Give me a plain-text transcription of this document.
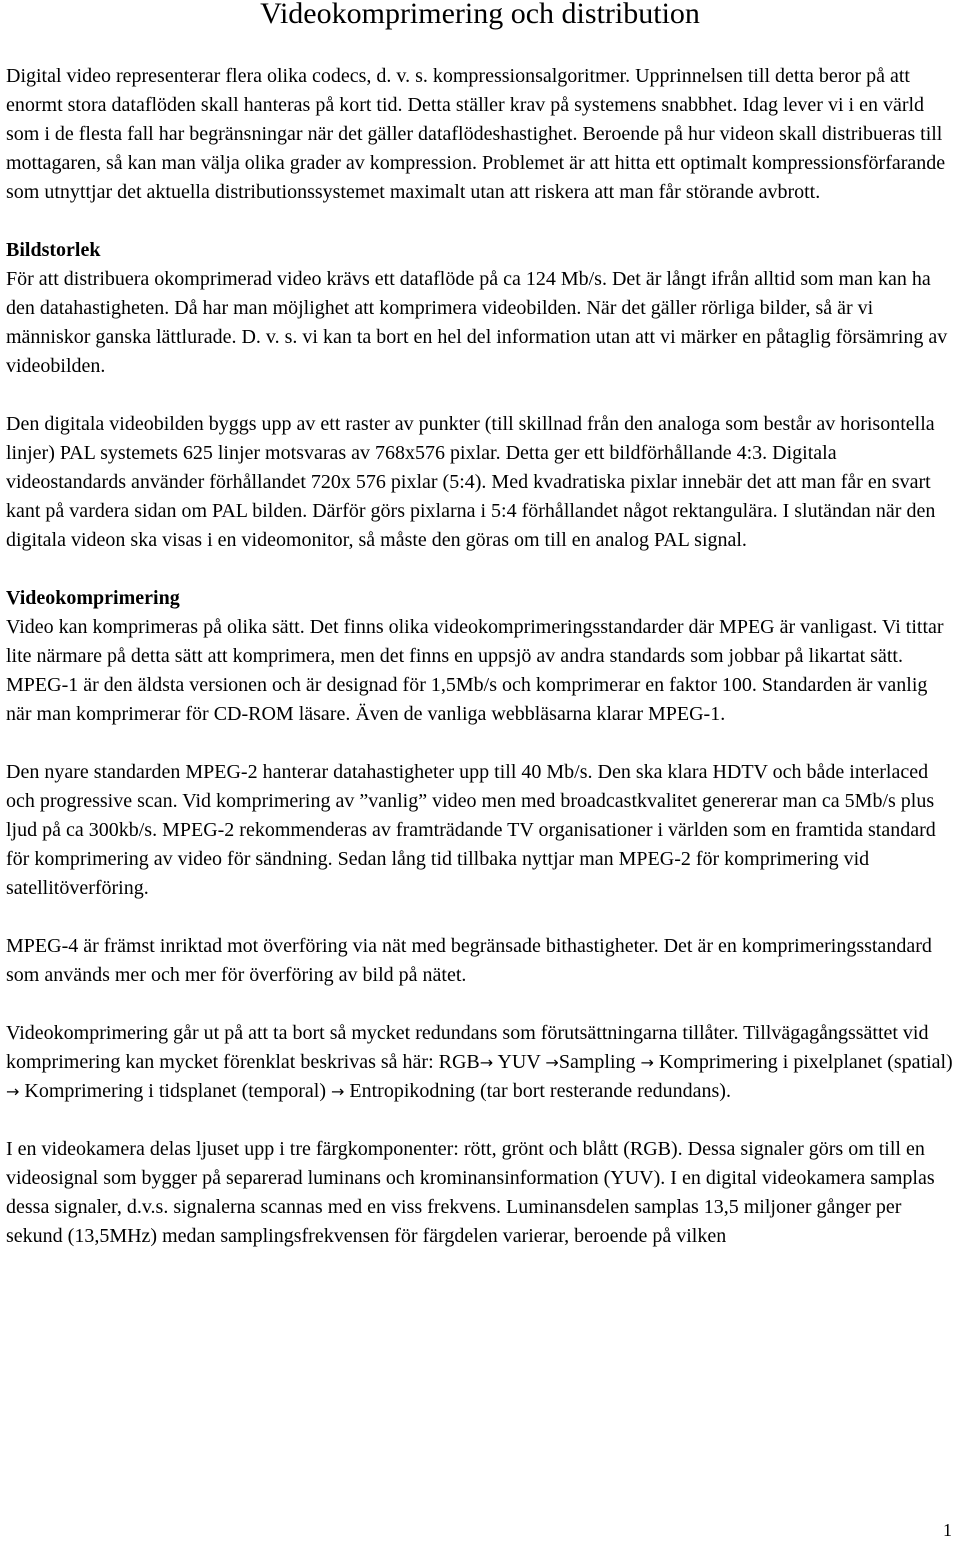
Videokomprimering och distribution

Digital video representerar flera olika codecs, d. v. s. kompressionsalgoritmer. Upprinnelsen till detta beror på att enormt stora dataflöden skall hanteras på kort tid. Detta ställer krav på systemens snabbhet. Idag lever vi i en värld som i de flesta fall har begränsningar när det gäller dataflödeshastighet. Beroende på hur videon skall distribueras till mottagaren, så kan man välja olika grader av kompression. Problemet är att hitta ett optimalt kompressionsförfarande som utnyttjar det aktuella distributionssystemet maximalt utan att riskera att man får störande avbrott.

Bildstorlek
För att distribuera okomprimerad video krävs ett dataflöde på ca 124 Mb/s. Det är långt ifrån alltid som man kan ha den datahastigheten. Då har man möjlighet att komprimera videobilden. När det gäller rörliga bilder, så är vi människor ganska lättlurade. D. v. s. vi kan ta bort en hel del information utan att vi märker en påtaglig försämring av videobilden.

Den digitala videobilden byggs upp av ett raster av punkter (till skillnad från den analoga som består av horisontella linjer) PAL systemets 625 linjer motsvaras av 768x576 pixlar. Detta ger ett bildförhållande 4:3. Digitala videostandards använder förhållandet 720x 576 pixlar (5:4). Med kvadratiska pixlar innebär det att man får en svart kant på vardera sidan om PAL bilden. Därför görs pixlarna i 5:4 förhållandet något rektangulära. I slutändan när den digitala videon ska visas i en videomonitor, så måste den göras om till en analog PAL signal.

Videokomprimering
Video kan komprimeras på olika sätt. Det finns olika videokomprimeringsstandarder där MPEG är vanligast. Vi tittar lite närmare på detta sätt att komprimera, men det finns en uppsjö av andra standards som jobbar på likartat sätt. MPEG-1 är den äldsta versionen och är designad för 1,5Mb/s och komprimerar en faktor 100. Standarden är vanlig när man komprimerar för CD-ROM läsare. Även de vanliga webbläsarna klarar MPEG-1.

Den nyare standarden MPEG-2 hanterar datahastigheter upp till 40 Mb/s. Den ska klara HDTV och både interlaced och progressive scan. Vid komprimering av ”vanlig” video men med broadcastkvalitet genererar man ca 5Mb/s plus ljud på ca 300kb/s. MPEG-2 rekommenderas av framträdande TV organisationer i världen som en framtida standard för komprimering av video för sändning. Sedan lång tid tillbaka nyttjar man MPEG-2 för komprimering vid satellitöverföring.

MPEG-4 är främst inriktad mot överföring via nät med begränsade bithastigheter. Det är en komprimeringsstandard som används mer och mer för överföring av bild på nätet.

Videokomprimering går ut på att ta bort så mycket redundans som förutsättningarna tillåter. Tillvägagångssättet vid komprimering kan mycket förenklat beskrivas så här: RGB→ YUV →Sampling → Komprimering i pixelplanet (spatial) → Komprimering i tidsplanet (temporal) → Entropikodning (tar bort resterande redundans).

I en videokamera delas ljuset upp i tre färgkomponenter: rött, grönt och blått (RGB). Dessa signaler görs om till en videosignal som bygger på separerad luminans och krominansinformation (YUV). I en digital videokamera samplas dessa signaler, d.v.s. signalerna scannas med en viss frekvens. Luminansdelen samplas 13,5 miljoner gånger per sekund (13,5MHz) medan samplingsfrekvensen för färgdelen varierar, beroende på vilken

1
